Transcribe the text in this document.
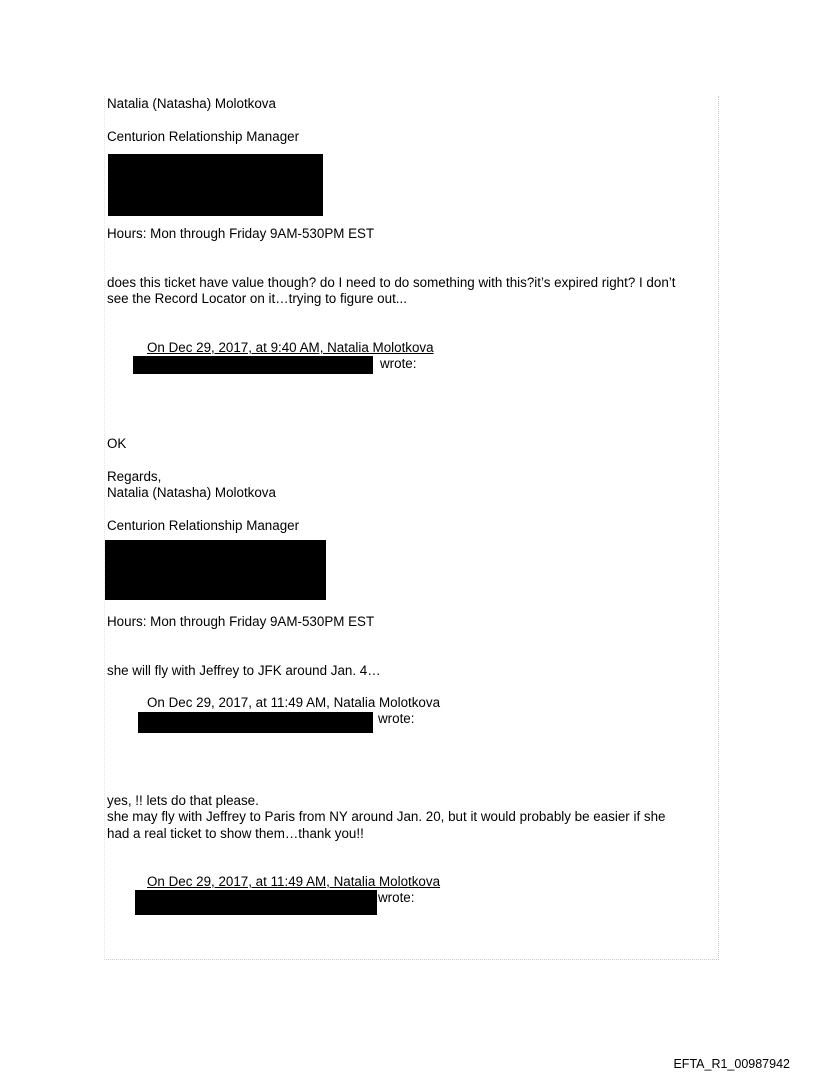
Natalia (Natasha) Molotkova

Centurion Relationship Manager

Hours: Mon through Friday 9AM-530PM EST

does this ticket have value though? do I need to do something with this?it’s expired right? I don’t

see the Record Locator on it…trying to figure out...

On Dec 29, 2017, at 9:40 AM, Natalia Molotkova

wrote:

OK

Regards,

Natalia (Natasha) Molotkova

Centurion Relationship Manager

Hours: Mon through Friday 9AM-530PM EST

she will fly with Jeffrey to JFK around Jan. 4…

On Dec 29, 2017, at 11:49 AM, Natalia Molotkova

wrote:

yes, !! lets do that please.

she may fly with Jeffrey to Paris from NY around Jan. 20, but it would probably be easier if she

had a real ticket to show them…thank you!!

On Dec 29, 2017, at 11:49 AM, Natalia Molotkova

wrote:

EFTA_R1_00987942
